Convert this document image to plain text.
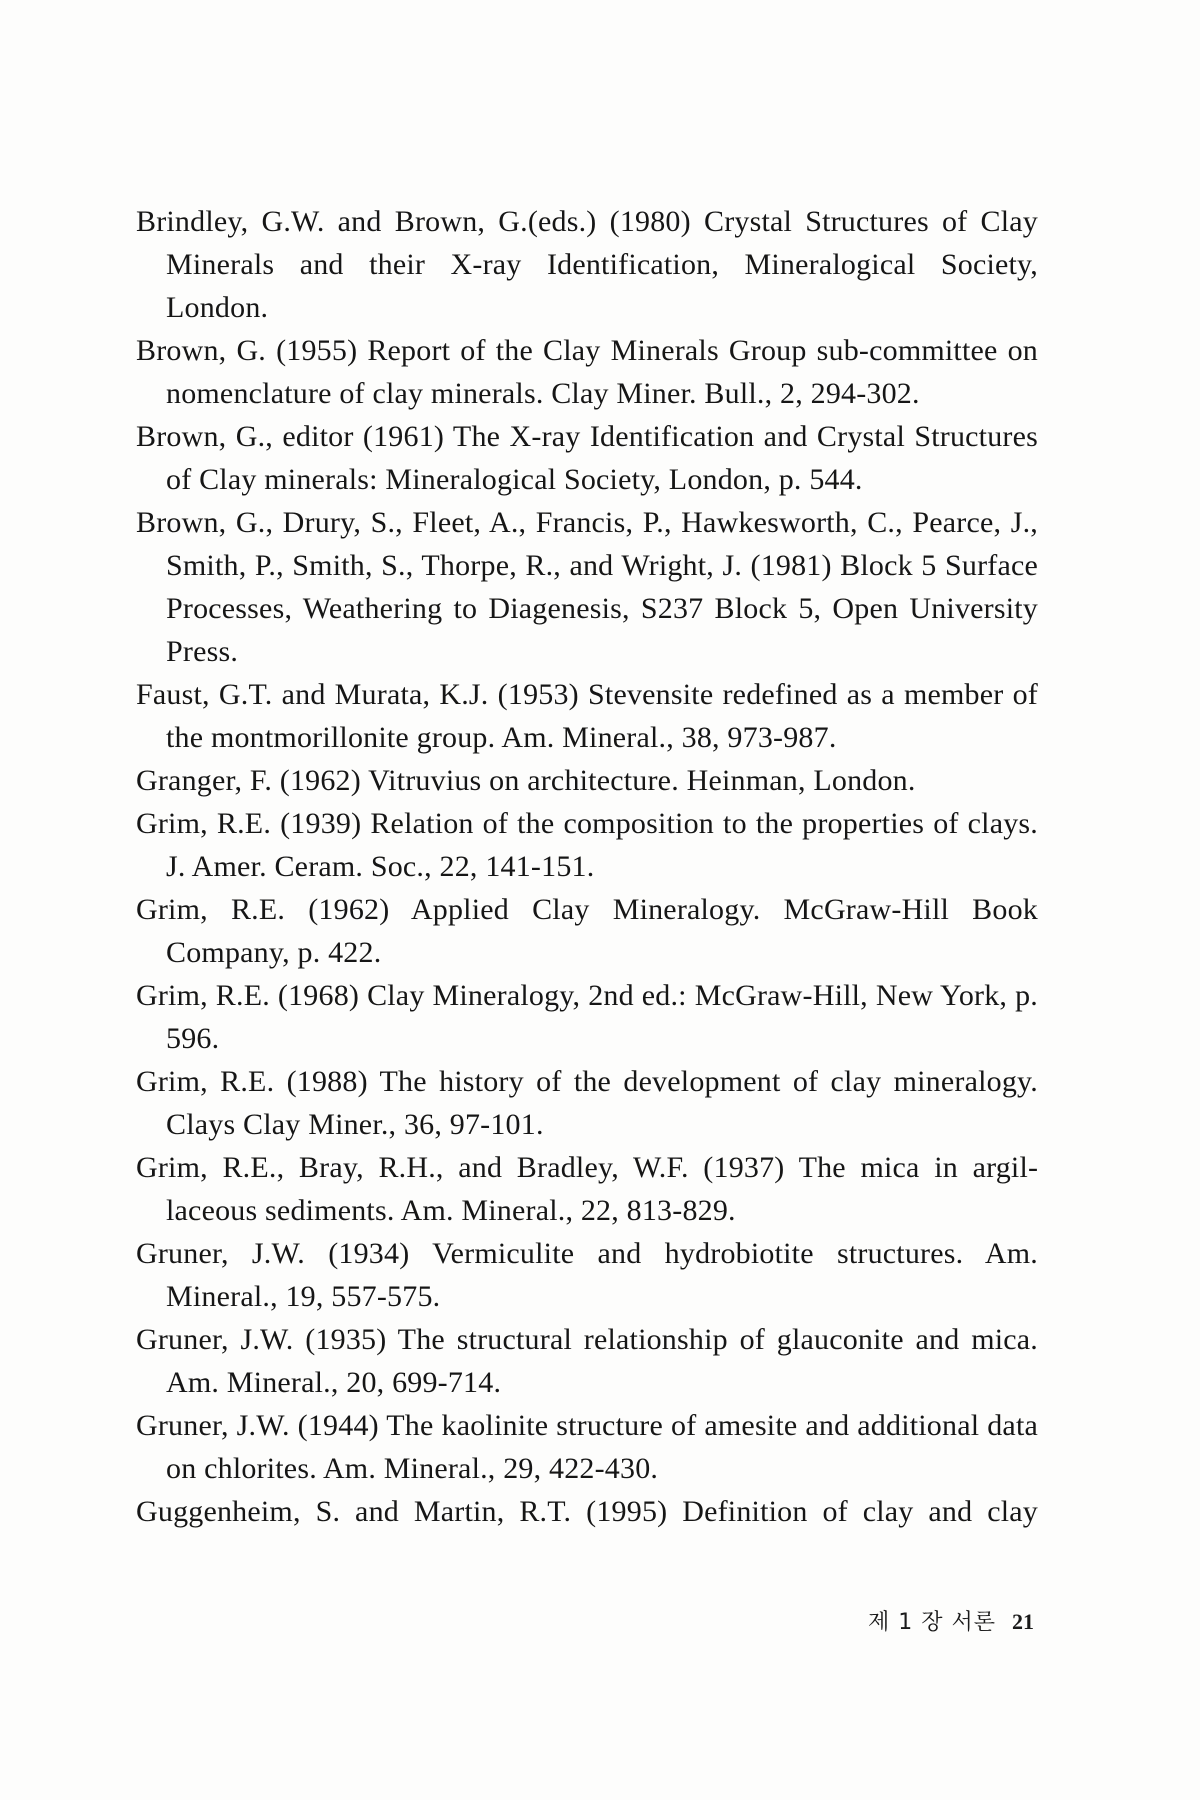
Brindley, G.W. and Brown, G.(eds.) (1980) Crystal Structures of Clay Minerals and their X-ray Identification, Mineralogical Society, London.

Brown, G. (1955) Report of the Clay Minerals Group sub-committee on nomenclature of clay minerals. Clay Miner. Bull., 2, 294-302.

Brown, G., editor (1961) The X-ray Identification and Crystal Structures of Clay minerals: Mineralogical Society, London, p. 544.

Brown, G., Drury, S., Fleet, A., Francis, P., Hawkesworth, C., Pearce, J., Smith, P., Smith, S., Thorpe, R., and Wright, J. (1981) Block 5 Surface Processes, Weathering to Diagenesis, S237 Block 5, Open University Press.

Faust, G.T. and Murata, K.J. (1953) Stevensite redefined as a member of the montmorillonite group. Am. Mineral., 38, 973-987.

Granger, F. (1962) Vitruvius on architecture. Heinman, London.

Grim, R.E. (1939) Relation of the composition to the properties of clays. J. Amer. Ceram. Soc., 22, 141-151.

Grim, R.E. (1962) Applied Clay Mineralogy. McGraw-Hill Book Company, p. 422.

Grim, R.E. (1968) Clay Mineralogy, 2nd ed.: McGraw-Hill, New York, p. 596.

Grim, R.E. (1988) The history of the development of clay mineralogy. Clays Clay Miner., 36, 97-101.

Grim, R.E., Bray, R.H., and Bradley, W.F. (1937) The mica in argillaceous sediments. Am. Mineral., 22, 813-829.

Gruner, J.W. (1934) Vermiculite and hydrobiotite structures. Am. Mineral., 19, 557-575.

Gruner, J.W. (1935) The structural relationship of glauconite and mica. Am. Mineral., 20, 699-714.

Gruner, J.W. (1944) The kaolinite structure of amesite and additional data on chlorites. Am. Mineral., 29, 422-430.

Guggenheim, S. and Martin, R.T. (1995) Definition of clay and clay

제 1 장 서론 21
